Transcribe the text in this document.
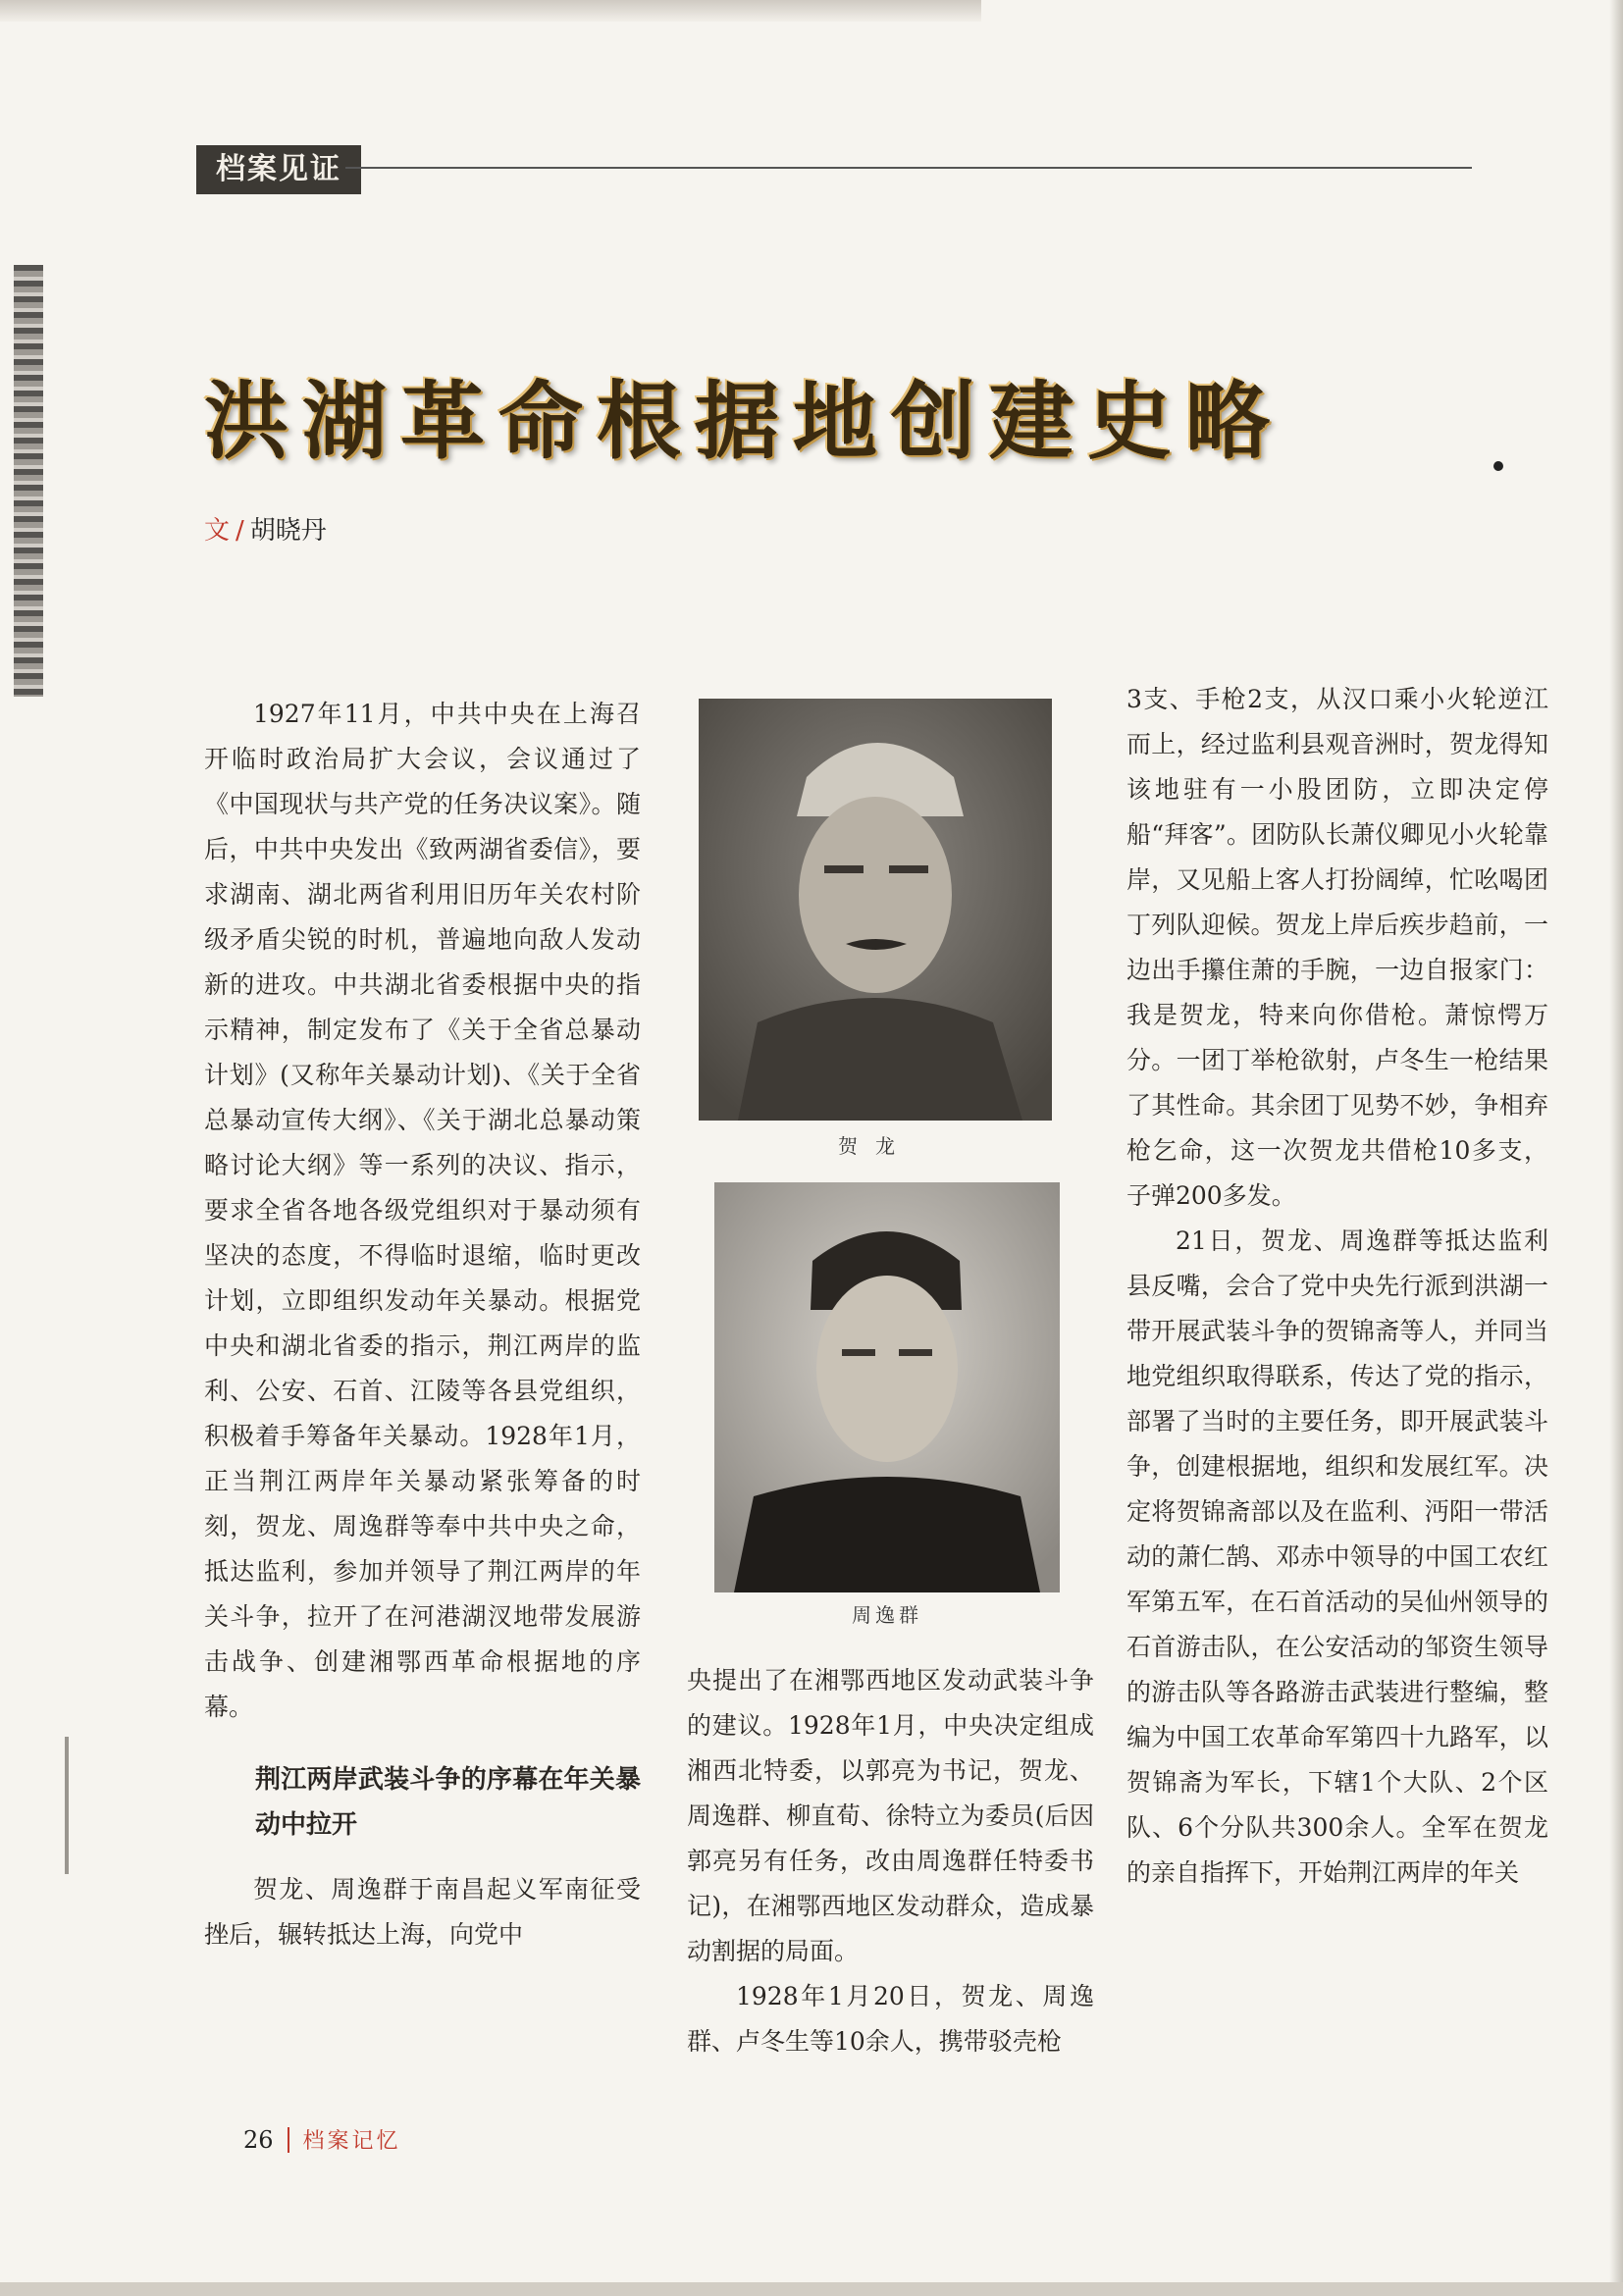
档案见证
洪湖革命根据地创建史略
文 / 胡晓丹

1927年11月，中共中央在上海召开临时政治局扩大会议，会议通过了《中国现状与共产党的任务决议案》。随后，中共中央发出《致两湖省委信》，要求湖南、湖北两省利用旧历年关农村阶级矛盾尖锐的时机，普遍地向敌人发动新的进攻。中共湖北省委根据中央的指示精神，制定发布了《关于全省总暴动计划》(又称年关暴动计划)、《关于全省总暴动宣传大纲》、《关于湖北总暴动策略讨论大纲》等一系列的决议、指示，要求全省各地各级党组织对于暴动须有坚决的态度，不得临时退缩，临时更改计划，立即组织发动年关暴动。根据党中央和湖北省委的指示，荆江两岸的监利、公安、石首、江陵等各县党组织，积极着手筹备年关暴动。1928年1月，正当荆江两岸年关暴动紧张筹备的时刻，贺龙、周逸群等奉中共中央之命，抵达监利，参加并领导了荆江两岸的年关斗争，拉开了在河港湖汊地带发展游击战争、创建湘鄂西革命根据地的序幕。

荆江两岸武装斗争的序幕在年关暴动中拉开

贺龙、周逸群于南昌起义军南征受挫后，辗转抵达上海，向党中

贺龙
周逸群

央提出了在湘鄂西地区发动武装斗争的建议。1928年1月，中央决定组成湘西北特委，以郭亮为书记，贺龙、周逸群、柳直荀、徐特立为委员(后因郭亮另有任务，改由周逸群任特委书记)，在湘鄂西地区发动群众，造成暴动割据的局面。

1928年1月20日，贺龙、周逸群、卢冬生等10余人，携带驳壳枪

3支、手枪2支，从汉口乘小火轮逆江而上，经过监利县观音洲时，贺龙得知该地驻有一小股团防，立即决定停船“拜客”。团防队长萧仪卿见小火轮靠岸，又见船上客人打扮阔绰，忙吆喝团丁列队迎候。贺龙上岸后疾步趋前，一边出手攥住萧的手腕，一边自报家门：我是贺龙，特来向你借枪。萧惊愕万分。一团丁举枪欲射，卢冬生一枪结果了其性命。其余团丁见势不妙，争相弃枪乞命，这一次贺龙共借枪10多支，子弹200多发。

21日，贺龙、周逸群等抵达监利县反嘴，会合了党中央先行派到洪湖一带开展武装斗争的贺锦斋等人，并同当地党组织取得联系，传达了党的指示，部署了当时的主要任务，即开展武装斗争，创建根据地，组织和发展红军。决定将贺锦斋部以及在监利、沔阳一带活动的萧仁鹄、邓赤中领导的中国工农红军第五军，在石首活动的吴仙州领导的石首游击队，在公安活动的邹资生领导的游击队等各路游击武装进行整编，整编为中国工农革命军第四十九路军，以贺锦斋为军长，下辖1个大队、2个区队、6个分队共300余人。全军在贺龙的亲自指挥下，开始荆江两岸的年关

26 档案记忆
